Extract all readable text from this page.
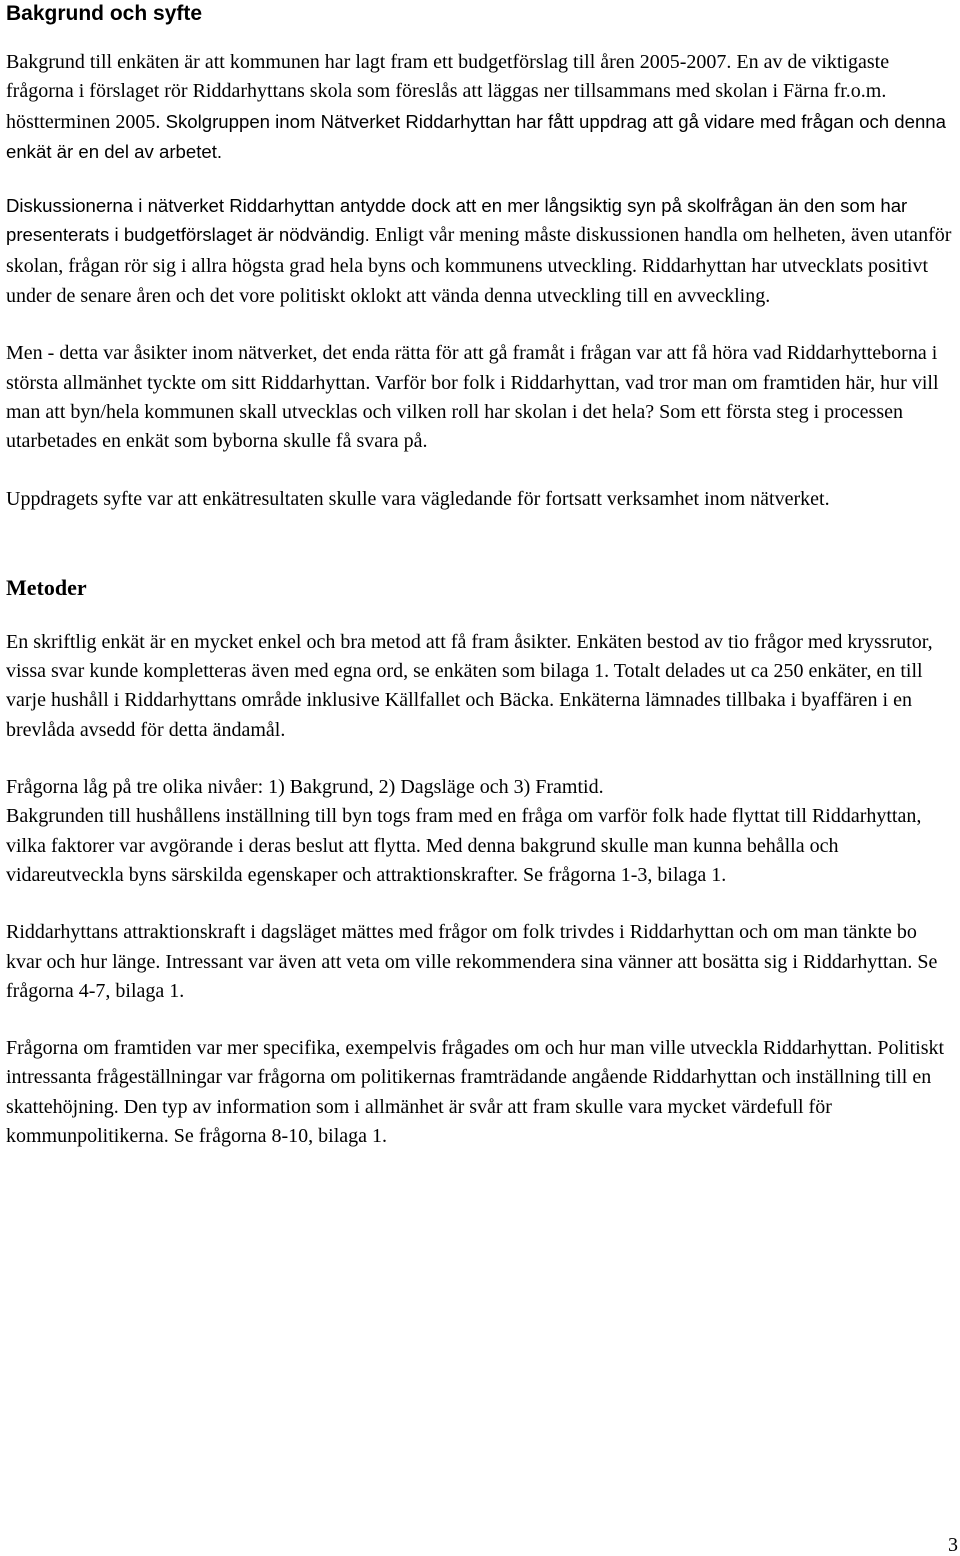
Bakgrund och syfte

Bakgrund till enkäten är att kommunen har lagt fram ett budgetförslag till åren 2005-2007. En av de viktigaste frågorna i förslaget rör Riddarhyttans skola som föreslås att läggas ner tillsammans med skolan i Färna fr.o.m. höstterminen 2005. Skolgruppen inom Nätverket Riddarhyttan har fått uppdrag att gå vidare med frågan och denna enkät är en del av arbetet.

Diskussionerna i nätverket Riddarhyttan antydde dock att en mer långsiktig syn på skolfrågan än den som har presenterats i budgetförslaget är nödvändig. Enligt vår mening måste diskussionen handla om helheten, även utanför skolan, frågan rör sig i allra högsta grad hela byns och kommunens utveckling. Riddarhyttan har utvecklats positivt under de senare åren och det vore politiskt oklokt att vända denna utveckling till en avveckling.

Men - detta var åsikter inom nätverket, det enda rätta för att gå framåt i frågan var att få höra vad Riddarhytteborna i största allmänhet tyckte om sitt Riddarhyttan. Varför bor folk i Riddarhyttan, vad tror man om framtiden här, hur vill man att byn/hela kommunen skall utvecklas och vilken roll har skolan i det hela? Som ett första steg i processen utarbetades en enkät som byborna skulle få svara på.

Uppdragets syfte var att enkätresultaten skulle vara vägledande för fortsatt verksamhet inom nätverket.

Metoder

En skriftlig enkät är en mycket enkel och bra metod att få fram åsikter. Enkäten bestod av tio frågor med kryssrutor, vissa svar kunde kompletteras även med egna ord, se enkäten som bilaga 1. Totalt delades ut ca 250 enkäter, en till varje hushåll i Riddarhyttans område inklusive Källfallet och Bäcka. Enkäterna lämnades tillbaka i byaffären i en brevlåda avsedd för detta ändamål.

Frågorna låg på tre olika nivåer: 1) Bakgrund, 2) Dagsläge och 3) Framtid.
Bakgrunden till hushållens inställning till byn togs fram med en fråga om varför folk hade flyttat till Riddarhyttan, vilka faktorer var avgörande i deras beslut att flytta. Med denna bakgrund skulle man kunna behålla och vidareutveckla byns särskilda egenskaper och attraktionskrafter. Se frågorna 1-3, bilaga 1.

Riddarhyttans attraktionskraft i dagsläget mättes med frågor om folk trivdes i Riddarhyttan och om man tänkte bo kvar och hur länge. Intressant var även att veta om ville rekommendera sina vänner att bosätta sig i Riddarhyttan. Se frågorna 4-7, bilaga 1.

Frågorna om framtiden var mer specifika, exempelvis frågades om och hur man ville utveckla Riddarhyttan. Politiskt intressanta frågeställningar var frågorna om politikernas framträdande angående Riddarhyttan och inställning till en skattehöjning. Den typ av information som i allmänhet är svår att fram skulle vara mycket värdefull för kommunpolitikerna. Se frågorna 8-10, bilaga 1.

3
